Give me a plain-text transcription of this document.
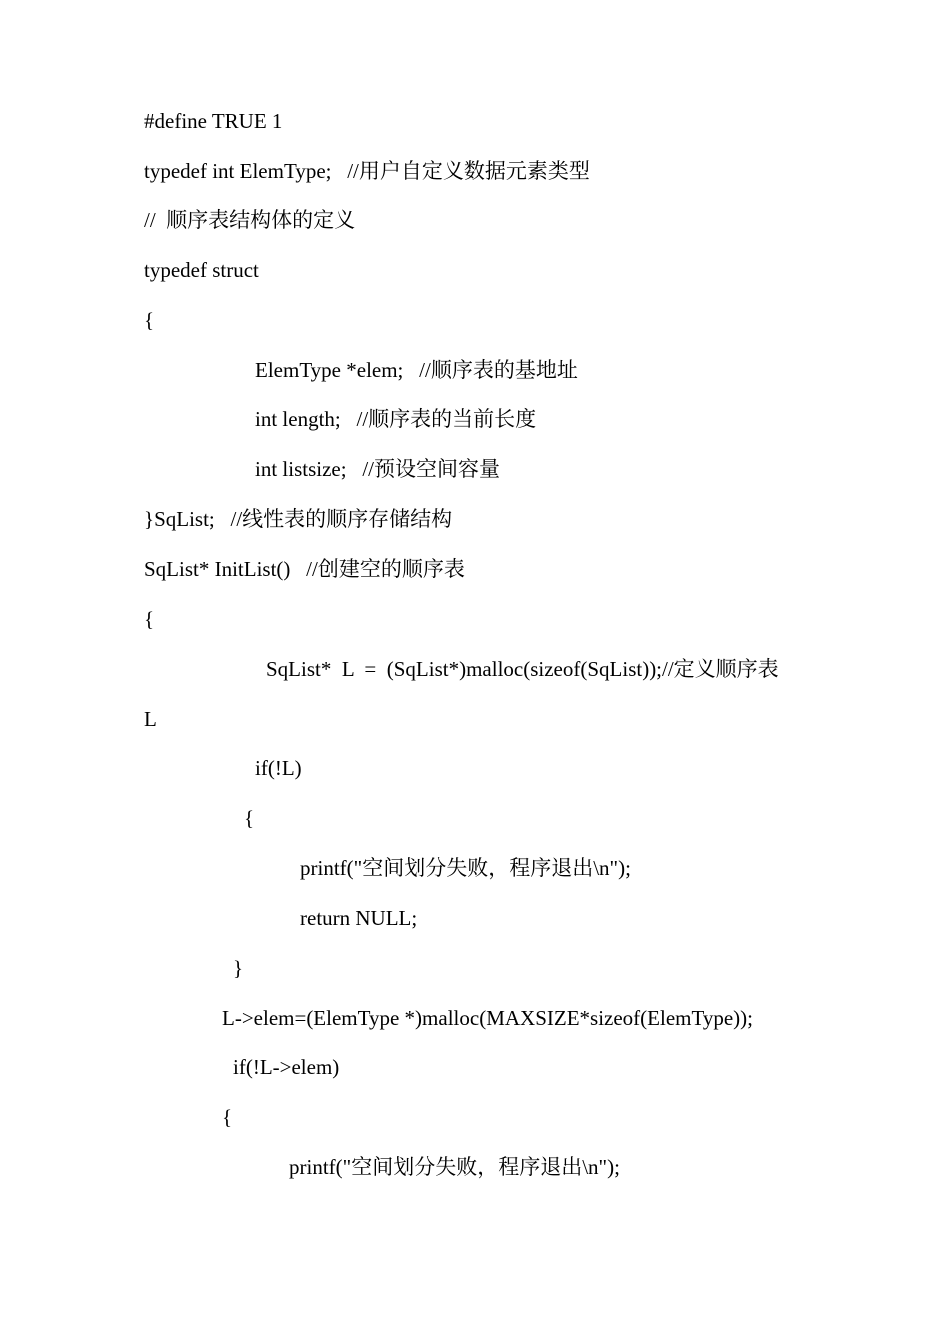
#define TRUE 1
typedef int ElemType;   //用户自定义数据元素类型
//  顺序表结构体的定义
typedef struct
{
ElemType *elem;   //顺序表的基地址
int length;   //顺序表的当前长度
int listsize;   //预设空间容量
}SqList;   //线性表的顺序存储结构
SqList* InitList()   //创建空的顺序表
{
SqList*  L  =  (SqList*)malloc(sizeof(SqList));//定义顺序表
L
if(!L)
{
printf("空间划分失败，程序退出\n");
return NULL;
}
L->elem=(ElemType *)malloc(MAXSIZE*sizeof(ElemType));
if(!L->elem)
{
printf("空间划分失败，程序退出\n");
